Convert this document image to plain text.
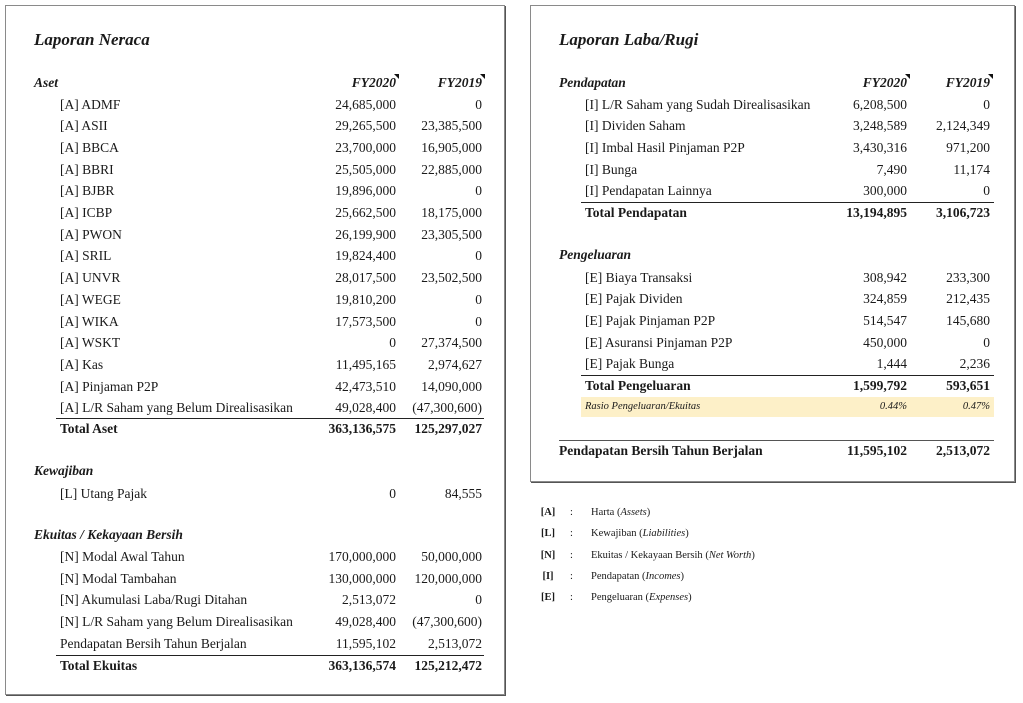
Laporan Neraca
Aset	FY2020	FY2019
[A] ADMF	24,685,000	0
[A] ASII	29,265,500	23,385,500
[A] BBCA	23,700,000	16,905,000
[A] BBRI	25,505,000	22,885,000
[A] BJBR	19,896,000	0
[A] ICBP	25,662,500	18,175,000
[A] PWON	26,199,900	23,305,500
[A] SRIL	19,824,400	0
[A] UNVR	28,017,500	23,502,500
[A] WEGE	19,810,200	0
[A] WIKA	17,573,500	0
[A] WSKT	0	27,374,500
[A] Kas	11,495,165	2,974,627
[A] Pinjaman P2P	42,473,510	14,090,000
[A] L/R Saham yang Belum Direalisasikan	49,028,400	(47,300,600)
Total Aset	363,136,575	125,297,027
Kewajiban
[L] Utang Pajak	0	84,555
Ekuitas / Kekayaan Bersih
[N] Modal Awal Tahun	170,000,000	50,000,000
[N] Modal Tambahan	130,000,000	120,000,000
[N] Akumulasi Laba/Rugi Ditahan	2,513,072	0
[N] L/R Saham yang Belum Direalisasikan	49,028,400	(47,300,600)
Pendapatan Bersih Tahun Berjalan	11,595,102	2,513,072
Total Ekuitas	363,136,574	125,212,472
Laporan Laba/Rugi
Pendapatan	FY2020	FY2019
[I] L/R Saham yang Sudah Direalisasikan	6,208,500	0
[I] Dividen Saham	3,248,589	2,124,349
[I] Imbal Hasil Pinjaman P2P	3,430,316	971,200
[I] Bunga	7,490	11,174
[I] Pendapatan Lainnya	300,000	0
Total Pendapatan	13,194,895	3,106,723
Pengeluaran
[E] Biaya Transaksi	308,942	233,300
[E] Pajak Dividen	324,859	212,435
[E] Pajak Pinjaman P2P	514,547	145,680
[E] Asuransi Pinjaman P2P	450,000	0
[E] Pajak Bunga	1,444	2,236
Total Pengeluaran	1,599,792	593,651
Rasio Pengeluaran/Ekuitas	0.44%	0.47%
Pendapatan Bersih Tahun Berjalan	11,595,102	2,513,072
[A]	: Harta (Assets)
[L]	: Kewajiban (Liabilities)
[N]	: Ekuitas / Kekayaan Bersih (Net Worth)
[I]	: Pendapatan (Incomes)
[E]	: Pengeluaran (Expenses)
